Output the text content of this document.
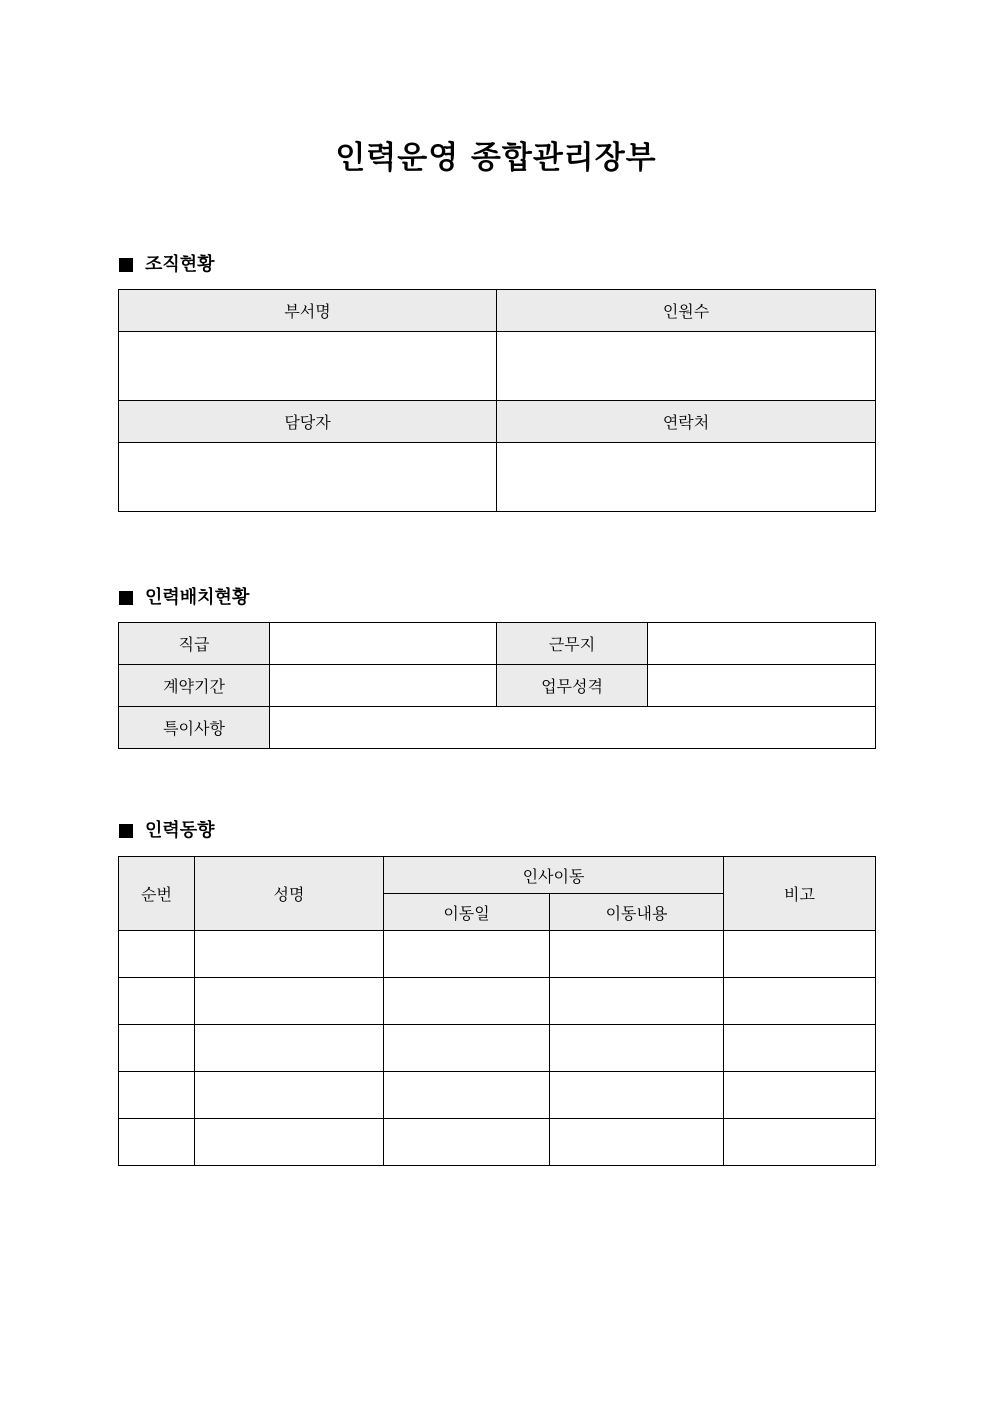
인력운영 종합관리장부
조직현황
부서명	인원수

담당자	연락처

인력배치현황
직급		근무지	
계약기간		업무성격	
특이사항			
인력동향
순번	성명	인사이동		비고
		이동일	이동내용	
